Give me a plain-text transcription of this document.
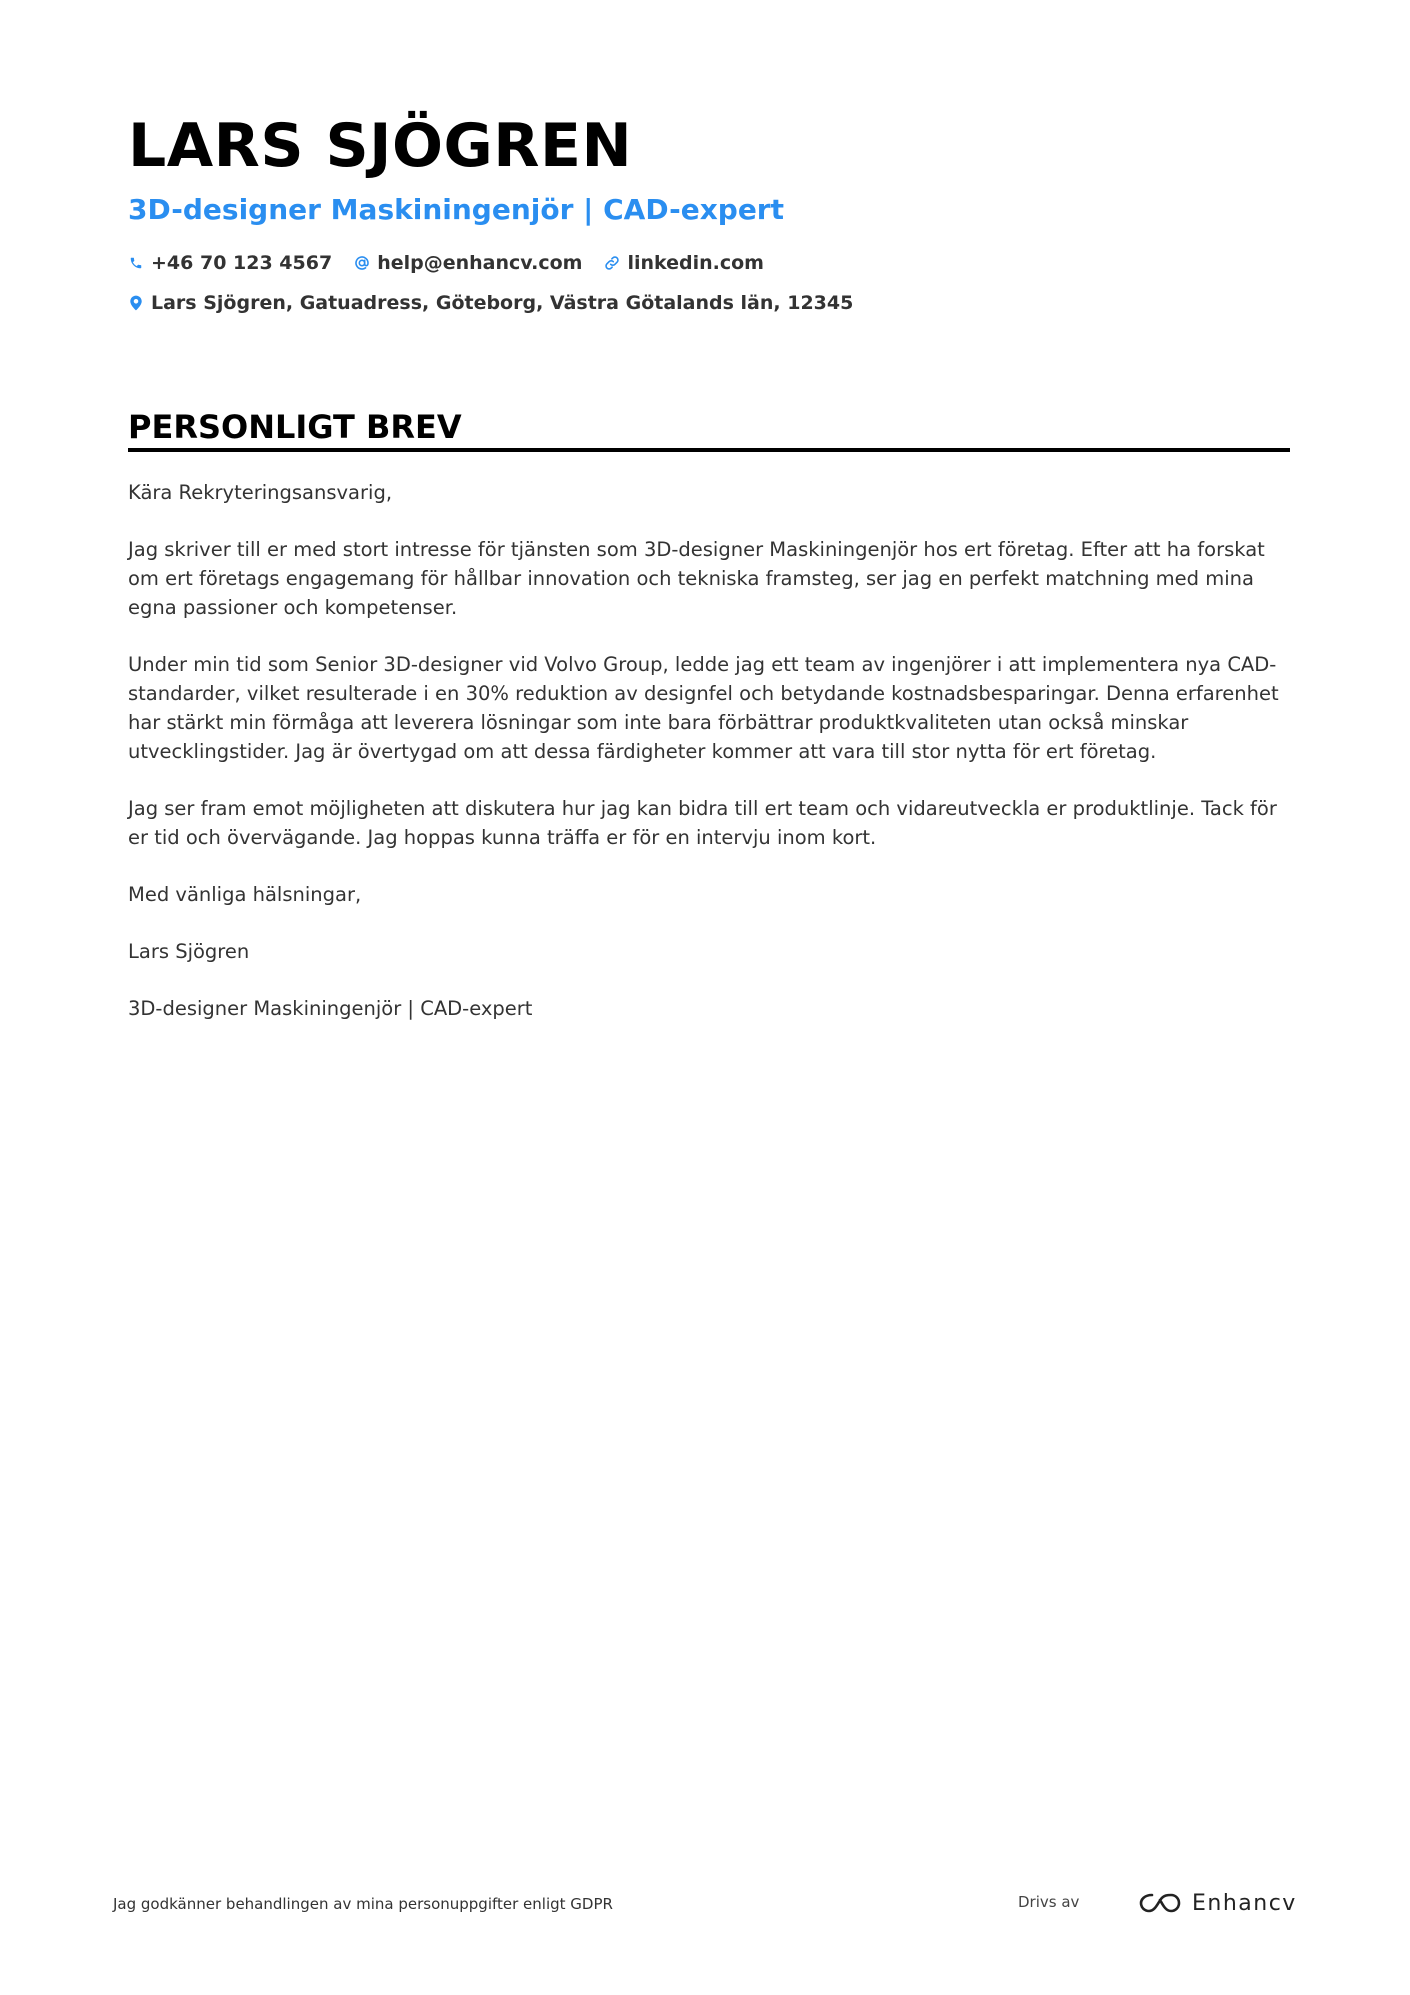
LARS SJÖGREN
3D-designer Maskiningenjör | CAD-expert
+46 70 123 4567 help@enhancv.com linkedin.com
Lars Sjögren, Gatuadress, Göteborg, Västra Götalands län, 12345
PERSONLIGT BREV

Kära Rekryteringsansvarig,

Jag skriver till er med stort intresse för tjänsten som 3D-designer Maskiningenjör hos ert företag. Efter att ha forskat om ert företags engagemang för hållbar innovation och tekniska framsteg, ser jag en perfekt matchning med mina egna passioner och kompetenser.

Under min tid som Senior 3D-designer vid Volvo Group, ledde jag ett team av ingenjörer i att implementera nya CAD-standarder, vilket resulterade i en 30% reduktion av designfel och betydande kostnadsbesparingar. Denna erfarenhet har stärkt min förmåga att leverera lösningar som inte bara förbättrar produktkvaliteten utan också minskar utvecklingstider. Jag är övertygad om att dessa färdigheter kommer att vara till stor nytta för ert företag.

Jag ser fram emot möjligheten att diskutera hur jag kan bidra till ert team och vidareutveckla er produktlinje. Tack för er tid och övervägande. Jag hoppas kunna träffa er för en intervju inom kort.

Med vänliga hälsningar,

Lars Sjögren

3D-designer Maskiningenjör | CAD-expert

Jag godkänner behandlingen av mina personuppgifter enligt GDPR	Drivs av	Enhancv
